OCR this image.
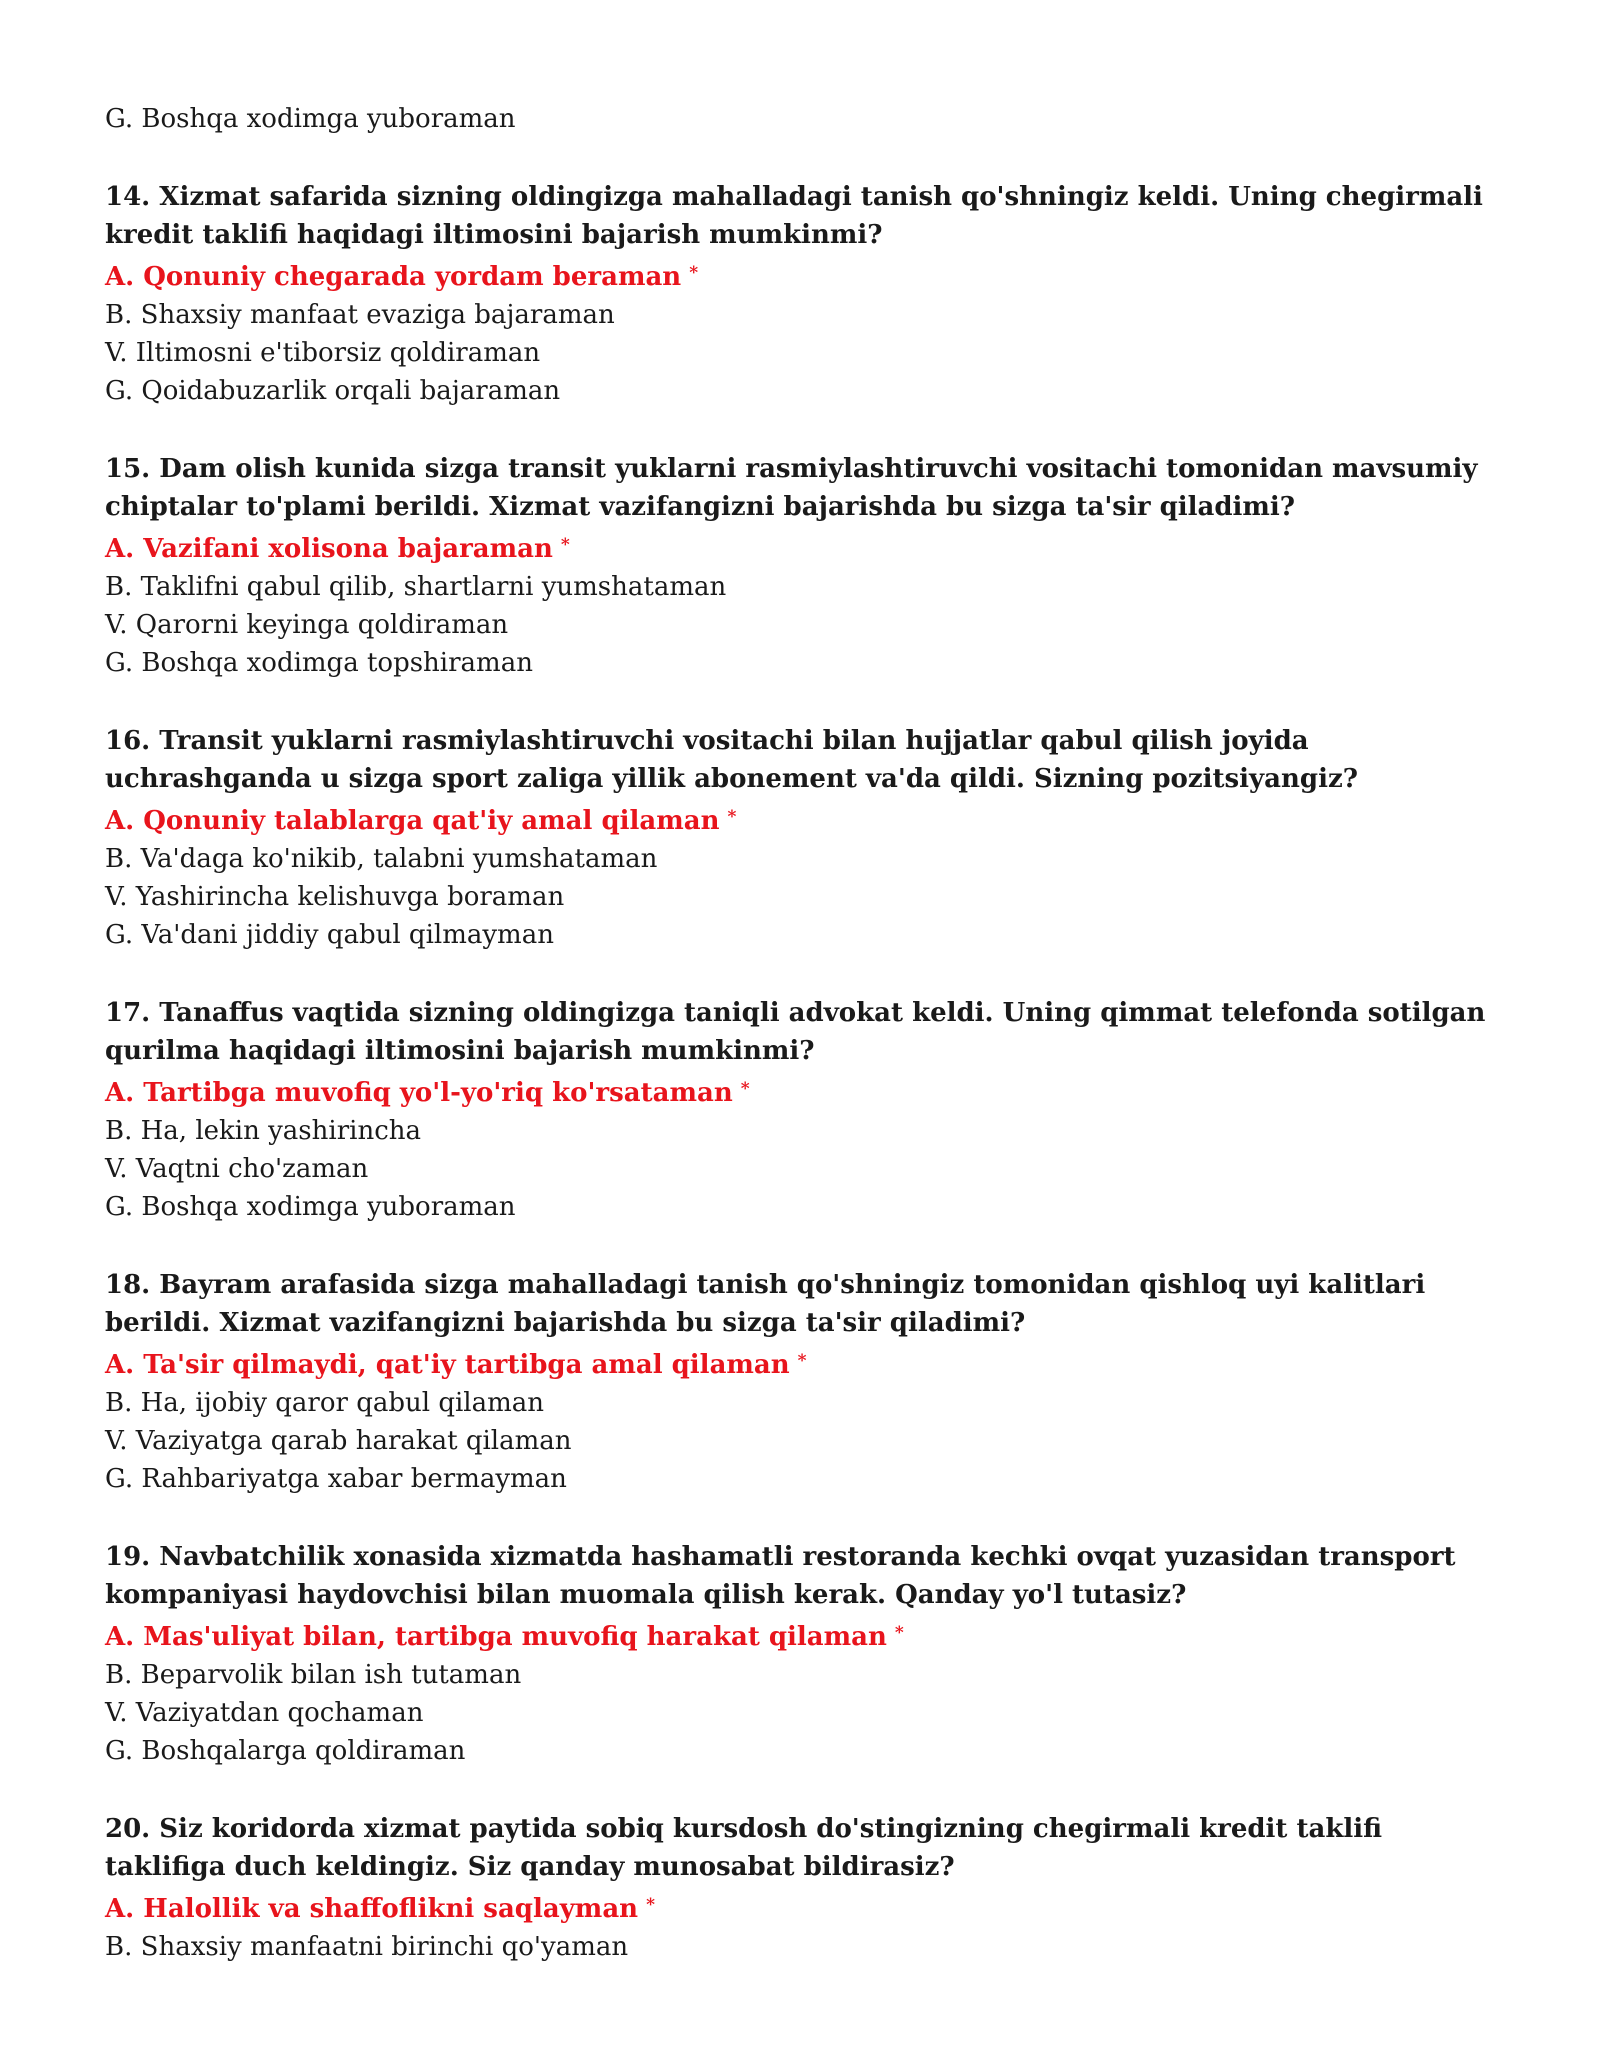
G. Boshqa xodimga yuboraman

14. Xizmat safarida sizning oldingizga mahalladagi tanish qo'shningiz keldi. Uning chegirmali kredit taklifi haqidagi iltimosini bajarish mumkinmi?

A. Qonuniy chegarada yordam beraman *

B. Shaxsiy manfaat evaziga bajaraman

V. Iltimosni e'tiborsiz qoldiraman

G. Qoidabuzarlik orqali bajaraman

15. Dam olish kunida sizga transit yuklarni rasmiylashtiruvchi vositachi tomonidan mavsumiy chiptalar to'plami berildi. Xizmat vazifangizni bajarishda bu sizga ta'sir qiladimi?

A. Vazifani xolisona bajaraman *

B. Taklifni qabul qilib, shartlarni yumshataman

V. Qarorni keyinga qoldiraman

G. Boshqa xodimga topshiraman

16. Transit yuklarni rasmiylashtiruvchi vositachi bilan hujjatlar qabul qilish joyida uchrashganda u sizga sport zaliga yillik abonement va'da qildi. Sizning pozitsiyangiz?

A. Qonuniy talablarga qat'iy amal qilaman *

B. Va'daga ko'nikib, talabni yumshataman

V. Yashirincha kelishuvga boraman

G. Va'dani jiddiy qabul qilmayman

17. Tanaffus vaqtida sizning oldingizga taniqli advokat keldi. Uning qimmat telefonda sotilgan qurilma haqidagi iltimosini bajarish mumkinmi?

A. Tartibga muvofiq yo'l-yo'riq ko'rsataman *

B. Ha, lekin yashirincha

V. Vaqtni cho'zaman

G. Boshqa xodimga yuboraman

18. Bayram arafasida sizga mahalladagi tanish qo'shningiz tomonidan qishloq uyi kalitlari berildi. Xizmat vazifangizni bajarishda bu sizga ta'sir qiladimi?

A. Ta'sir qilmaydi, qat'iy tartibga amal qilaman *

B. Ha, ijobiy qaror qabul qilaman

V. Vaziyatga qarab harakat qilaman

G. Rahbariyatga xabar bermayman

19. Navbatchilik xonasida xizmatda hashamatli restoranda kechki ovqat yuzasidan transport kompaniyasi haydovchisi bilan muomala qilish kerak. Qanday yo'l tutasiz?

A. Mas'uliyat bilan, tartibga muvofiq harakat qilaman *

B. Beparvolik bilan ish tutaman

V. Vaziyatdan qochaman

G. Boshqalarga qoldiraman

20. Siz koridorda xizmat paytida sobiq kursdosh do'stingizning chegirmali kredit taklifi taklifiga duch keldingiz. Siz qanday munosabat bildirasiz?

A. Halollik va shaffoflikni saqlayman *

B. Shaxsiy manfaatni birinchi qo'yaman
